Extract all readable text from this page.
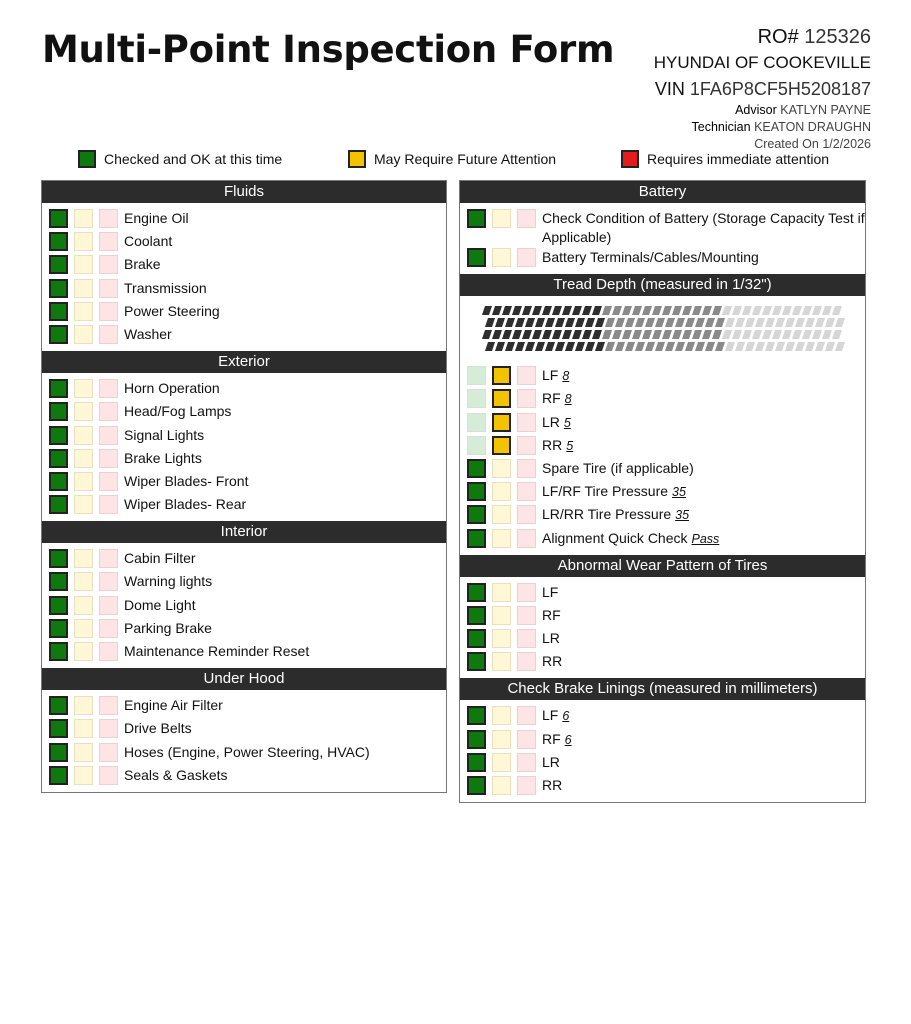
Multi-Point Inspection Form	RO# 125326
HYUNDAI OF COOKEVILLE
VIN 1FA6P8CF5H5208187
Advisor KATLYN PAYNE
Technician KEATON DRAUGHN
Created On 1/2/2026
Checked and OK at this time	May Require Future Attention	Requires immediate attention
Fluids
Engine Oil
Coolant
Brake
Transmission
Power Steering
Washer
Exterior
Horn Operation
Head/Fog Lamps
Signal Lights
Brake Lights
Wiper Blades- Front
Wiper Blades- Rear
Interior
Cabin Filter
Warning lights
Dome Light
Parking Brake
Maintenance Reminder Reset
Under Hood
Engine Air Filter
Drive Belts
Hoses (Engine, Power Steering, HVAC)
Seals & Gaskets
Battery
Check Condition of Battery (Storage Capacity Test if Applicable)
Battery Terminals/Cables/Mounting
Tread Depth (measured in 1/32")
LF 8
RF 8
LR 5
RR 5
Spare Tire (if applicable)
LF/RF Tire Pressure 35
LR/RR Tire Pressure 35
Alignment Quick Check Pass
Abnormal Wear Pattern of Tires
LF
RF
LR
RR
Check Brake Linings (measured in millimeters)
LF 6
RF 6
LR
RR
